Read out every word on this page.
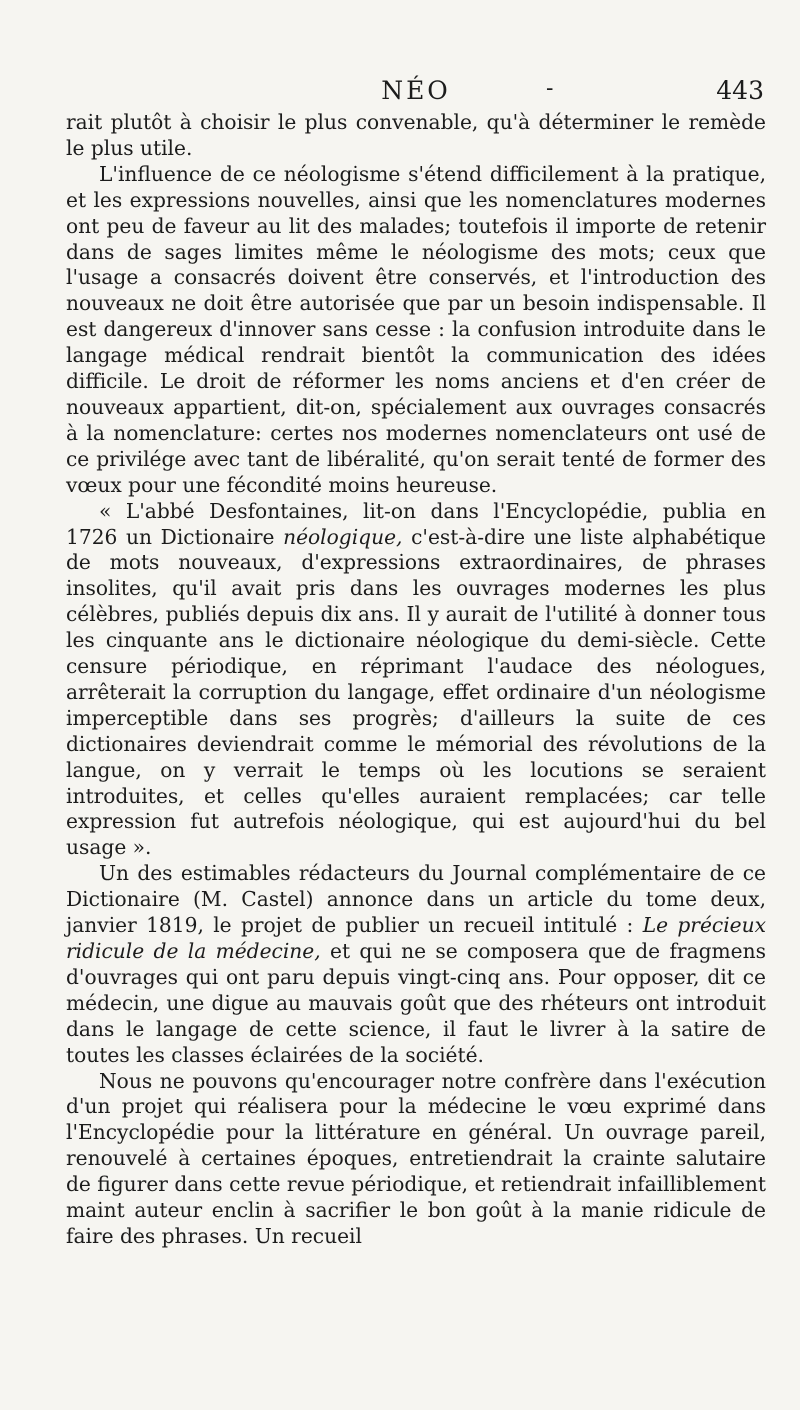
NÉO	-	443

rait plutôt à choisir le plus convenable, qu'à déterminer le remède le plus utile.

L'influence de ce néologisme s'étend difficilement à la pratique, et les expressions nouvelles, ainsi que les nomenclatures modernes ont peu de faveur au lit des malades; toutefois il importe de retenir dans de sages limites même le néologisme des mots; ceux que l'usage a consacrés doivent être conservés, et l'introduction des nouveaux ne doit être autorisée que par un besoin indispensable. Il est dangereux d'innover sans cesse : la confusion introduite dans le langage médical rendrait bientôt la communication des idées difficile. Le droit de réformer les noms anciens et d'en créer de nouveaux appartient, dit-on, spécialement aux ouvrages consacrés à la nomenclature: certes nos modernes nomenclateurs ont usé de ce privilége avec tant de libéralité, qu'on serait tenté de former des vœux pour une fécondité moins heureuse.

« L'abbé Desfontaines, lit-on dans l'Encyclopédie, publia en 1726 un Dictionaire néologique, c'est-à-dire une liste alphabétique de mots nouveaux, d'expressions extraordinaires, de phrases insolites, qu'il avait pris dans les ouvrages modernes les plus célèbres, publiés depuis dix ans. Il y aurait de l'utilité à donner tous les cinquante ans le dictionaire néologique du demi-siècle. Cette censure périodique, en réprimant l'audace des néologues, arrêterait la corruption du langage, effet ordinaire d'un néologisme imperceptible dans ses progrès; d'ailleurs la suite de ces dictionaires deviendrait comme le mémorial des révolutions de la langue, on y verrait le temps où les locutions se seraient introduites, et celles qu'elles auraient remplacées; car telle expression fut autrefois néologique, qui est aujourd'hui du bel usage ».

Un des estimables rédacteurs du Journal complémentaire de ce Dictionaire (M. Castel) annonce dans un article du tome deux, janvier 1819, le projet de publier un recueil intitulé : Le précieux ridicule de la médecine, et qui ne se composera que de fragmens d'ouvrages qui ont paru depuis vingt-cinq ans. Pour opposer, dit ce médecin, une digue au mauvais goût que des rhéteurs ont introduit dans le langage de cette science, il faut le livrer à la satire de toutes les classes éclairées de la société.

Nous ne pouvons qu'encourager notre confrère dans l'exécution d'un projet qui réalisera pour la médecine le vœu exprimé dans l'Encyclopédie pour la littérature en général. Un ouvrage pareil, renouvelé à certaines époques, entretiendrait la crainte salutaire de figurer dans cette revue périodique, et retiendrait infailliblement maint auteur enclin à sacrifier le bon goût à la manie ridicule de faire des phrases. Un recueil
